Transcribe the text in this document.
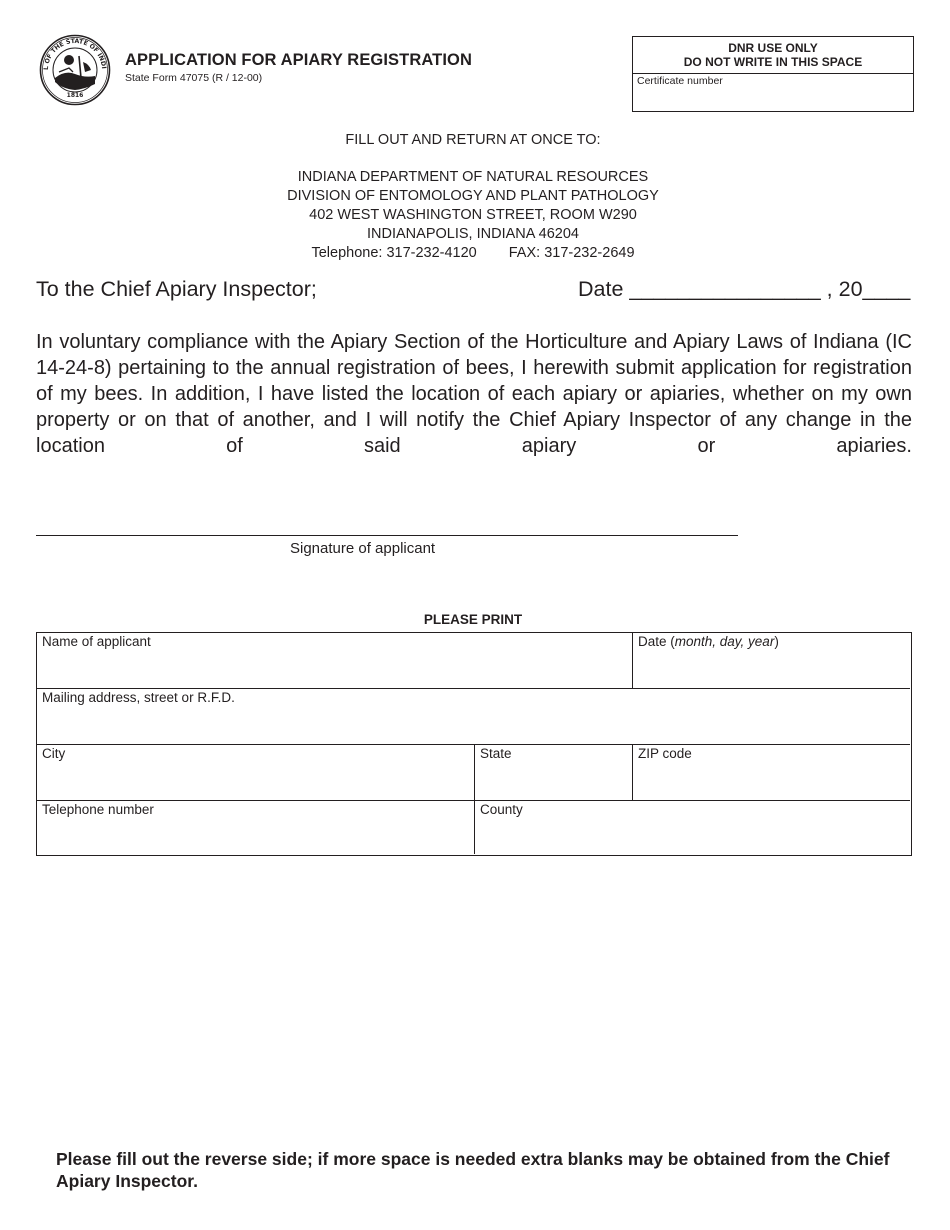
L OF THE STATE OF INDI
1816
APPLICATION FOR APIARY REGISTRATION
State Form 47075 (R / 12-00)
DNR USE ONLY
DO NOT WRITE IN THIS SPACE
Certificate number
FILL OUT AND RETURN AT ONCE TO:
INDIANA DEPARTMENT OF NATURAL RESOURCES
DIVISION OF ENTOMOLOGY AND PLANT PATHOLOGY
402 WEST WASHINGTON STREET, ROOM W290
INDIANAPOLIS, INDIANA 46204
Telephone: 317-232-4120 FAX: 317-232-2649
To the Chief Apiary Inspector;	Date ________________ , 20____
In voluntary compliance with the Apiary Section of the Horticulture and Apiary Laws of Indiana (IC 14-24-8) pertaining to the annual registration of bees, I herewith submit application for registration of my bees. In addition, I have listed the location of each apiary or apiaries, whether on my own property or on that of another, and I will notify the Chief Apiary Inspector of any change in the location of said apiary or apiaries.
Signature of applicant
PLEASE PRINT
Name of applicant	Date (month, day, year)
Mailing address, street or R.F.D.
City	State	ZIP code
Telephone number	County
Please fill out the reverse side; if more space is needed extra blanks may be obtained from the Chief Apiary Inspector.
